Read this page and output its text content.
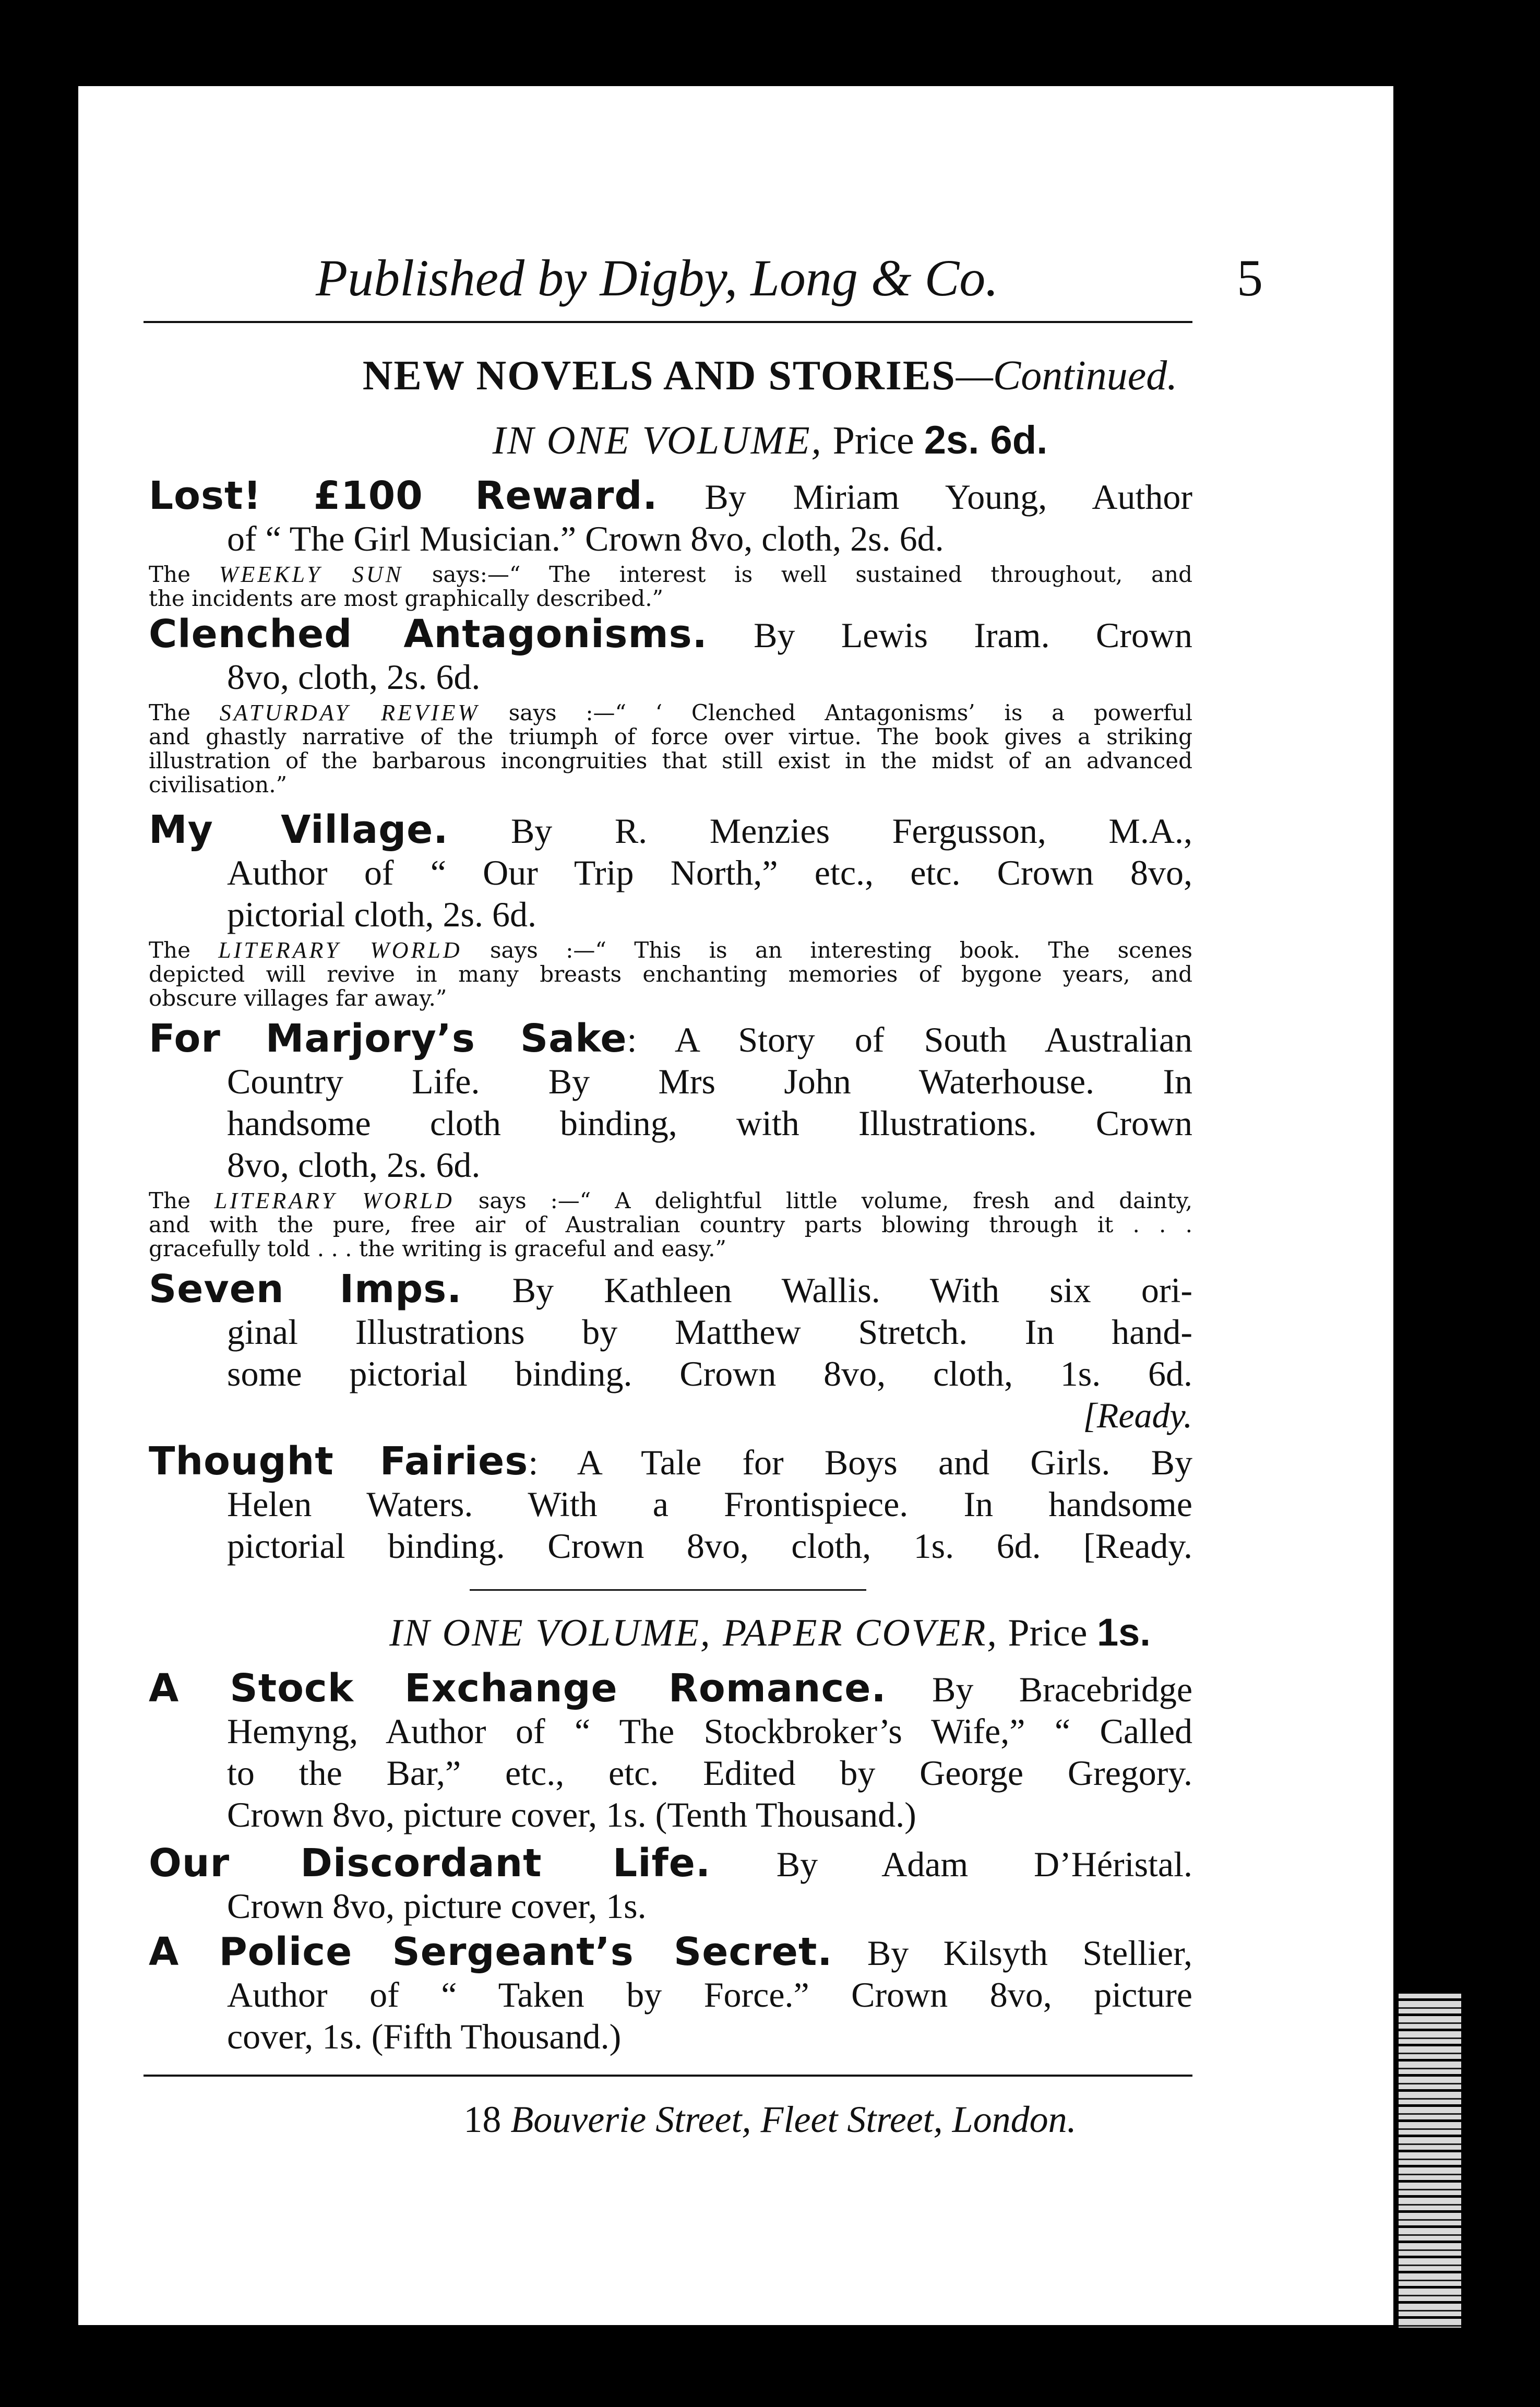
Published by Digby, Long & Co.	5
NEW NOVELS AND STORIES—Continued.
IN ONE VOLUME, Price 2s. 6d.
Lost! £100 Reward. By Miriam Young, Author
of “ The Girl Musician.” Crown 8vo, cloth, 2s. 6d.
The WEEKLY SUN says:—“ The interest is well sustained throughout, and
the incidents are most graphically described.”
Clenched Antagonisms. By Lewis Iram. Crown
8vo, cloth, 2s. 6d.
The SATURDAY REVIEW says :—“ ‘ Clenched Antagonisms’ is a powerful
and ghastly narrative of the triumph of force over virtue. The book gives a striking
illustration of the barbarous incongruities that still exist in the midst of an advanced
civilisation.”
My Village. By R. Menzies Fergusson, M.A.,
Author of “ Our Trip North,” etc., etc. Crown 8vo,
pictorial cloth, 2s. 6d.
The LITERARY WORLD says :—“ This is an interesting book. The scenes
depicted will revive in many breasts enchanting memories of bygone years, and
obscure villages far away.”
For Marjory’s Sake: A Story of South Australian
Country Life. By Mrs John Waterhouse. In
handsome cloth binding, with Illustrations. Crown
8vo, cloth, 2s. 6d.
The LITERARY WORLD says :—“ A delightful little volume, fresh and dainty,
and with the pure, free air of Australian country parts blowing through it . . .
gracefully told . . . the writing is graceful and easy.”
Seven Imps. By Kathleen Wallis. With six ori-
ginal Illustrations by Matthew Stretch. In hand-
some pictorial binding. Crown 8vo, cloth, 1s. 6d.
[Ready.
Thought Fairies: A Tale for Boys and Girls. By
Helen Waters. With a Frontispiece. In handsome
pictorial binding. Crown 8vo, cloth, 1s. 6d. [Ready.
IN ONE VOLUME, PAPER COVER, Price 1s.
A Stock Exchange Romance. By Bracebridge
Hemyng, Author of “ The Stockbroker’s Wife,” “ Called
to the Bar,” etc., etc. Edited by George Gregory.
Crown 8vo, picture cover, 1s. (Tenth Thousand.)
Our Discordant Life. By Adam D’Héristal.
Crown 8vo, picture cover, 1s.
A Police Sergeant’s Secret. By Kilsyth Stellier,
Author of “ Taken by Force.” Crown 8vo, picture
cover, 1s. (Fifth Thousand.)
18 Bouverie Street, Fleet Street, London.
